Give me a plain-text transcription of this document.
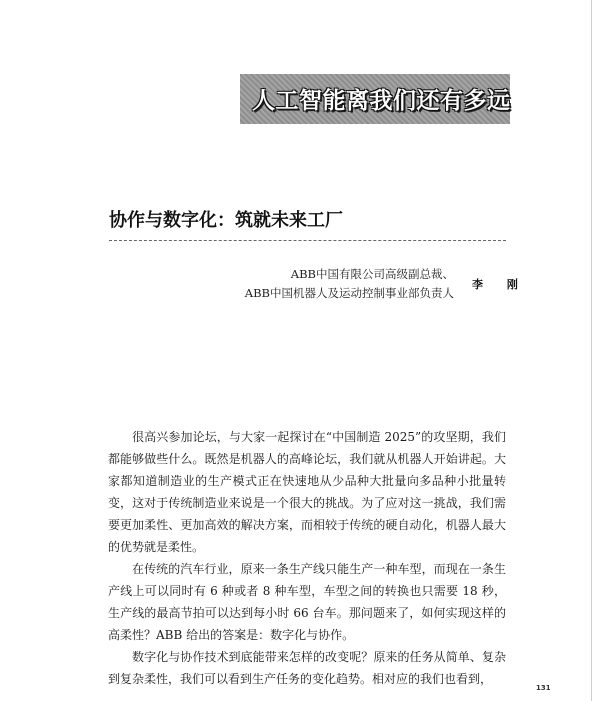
人工智能离我们还有多远
协作与数字化：筑就未来工厂
ABB中国有限公司高级副总裁、
ABB中国机器人及运动控制事业部负责人
李 刚

很高兴参加论坛，与大家一起探讨在“中国制造 2025”的攻坚期，我们都能够做些什么。既然是机器人的高峰论坛，我们就从机器人开始讲起。大家都知道制造业的生产模式正在快速地从少品种大批量向多品种小批量转变，这对于传统制造业来说是一个很大的挑战。为了应对这一挑战，我们需要更加柔性、更加高效的解决方案，而相较于传统的硬自动化，机器人最大的优势就是柔性。

在传统的汽车行业，原来一条生产线只能生产一种车型，而现在一条生产线上可以同时有 6 种或者 8 种车型，车型之间的转换也只需要 18 秒，生产线的最高节拍可以达到每小时 66 台车。那问题来了，如何实现这样的高柔性？ABB 给出的答案是：数字化与协作。

数字化与协作技术到底能带来怎样的改变呢？原来的任务从简单、复杂到复杂柔性，我们可以看到生产任务的变化趋势。相对应的我们也看到，

131
